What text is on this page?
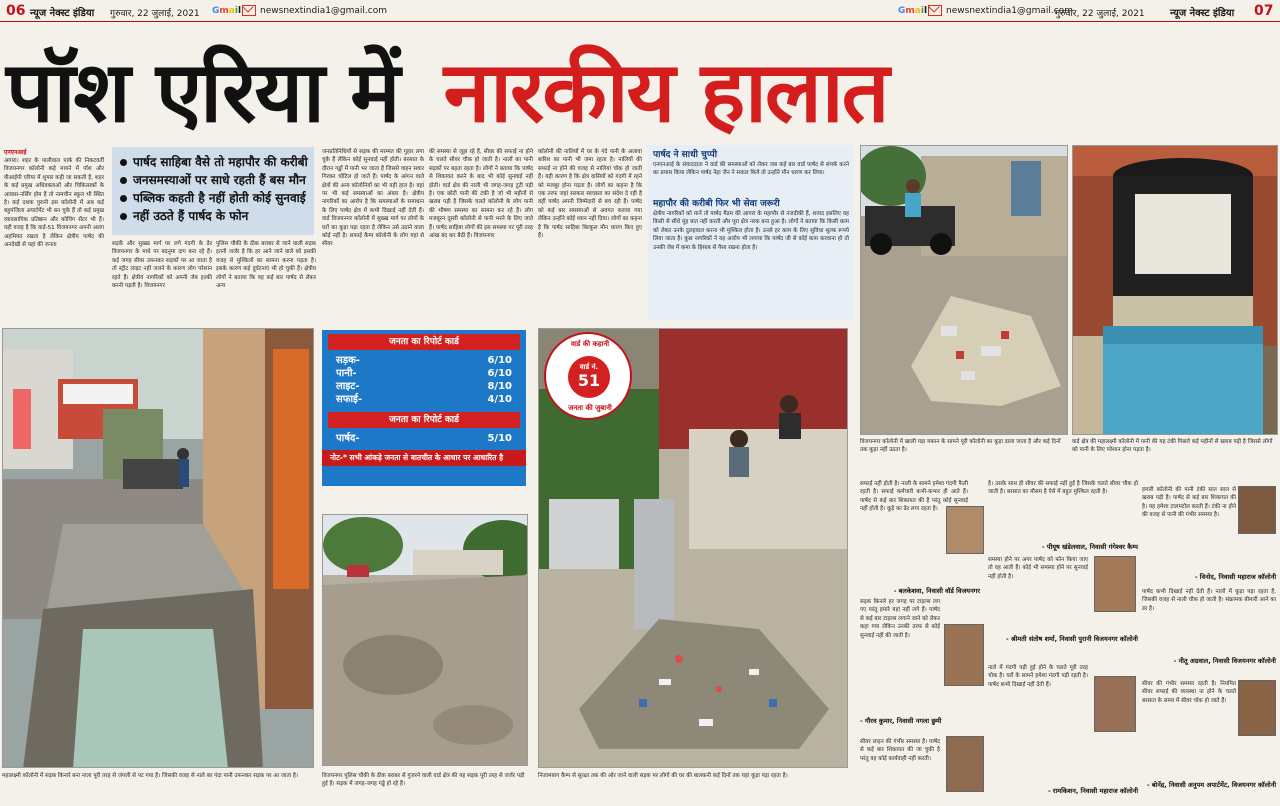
06 न्यूज नेक्स्ट इंडिया गुरुवार, 22 जुलाई, 2021 Gmail newsnextindia1@gmail.com	Gmail newsnextindia1@gmail.com
गुरुवार, 22 जुलाई, 2021	न्यूज नेक्स्ट इंडिया 07
पॉश एरिया में नारकीय हालात
एनएनआई

आगरा। शहर के पालीवाल पार्क की निकटवर्ती विजयनगर कॉलोनी कहे मायने में पॉश और वीआईपी एरिया में शुमार कही जा सकती है, शहर के कई प्रमुख अधिवक्ताओं और चिकित्सकों के आवास-नर्सिंग होम हैं तो नामचीन स्कूल भी स्थित है। कई दशक पुरानी इस कॉलोनी में अब कई बहुमंजिला अपार्टमेंट भी बन चुके हैं तो कई प्रमुख व्यावसायिक प्रतिष्ठान और कोचिंग सेंटर भी हैं। यही वजह है कि वार्ड-51 विजयनगर अपनी अलग अहमियत रखता है लेकिन क्षेत्रीय पार्षद की अनदेखी से यहां की जनता

पार्षद साहिबा वैसे तो महापौर की करीबी
जनसमस्याओं पर साधे रहती हैं बस मौन
पब्लिक कहती है नहीं होती कोई सुनवाई
नहीं उठते हैं पार्षद के फोन

सड़कें और सुख्ख मार्ग पर लगे गंदगी के ढेर विजयनगर के माथे पर बदनुमा दाग बना रहे हैं। कई जगह सीवर उफनकर सड़कों पर आ जाता है तो स्ट्रीट लाइट नहीं जलने के कारण लोग परेशान रहते हैं। क्षेत्रीय नागरिकों को अपनी जेब हल्की करनी पड़ती है। विजयनगर

पुलिस चौकी के ठीक बराबर से जाने वाली सड़क इतनी जर्जर है कि हर आने जाने वाले को इसकी वजह से मुश्किलों का सामना करना पड़ता है। इसके कारण कई दुर्घटनाएं भी हो चुकी हैं। क्षेत्रीय लोगों ने बताया कि वह कई बार पार्षद से लेकर अन्य

जनप्रतिनिधियों से सड़क की मरम्मत की गुहार लगा चुके हैं लेकिन कोई सुनवाई नहीं होती। बरसात के दौरान गड्ढों में पानी भर जाता है जिससे वाहन सवार गिरकर चोटिल हो जाते हैं। पार्षद के आंगन वाले क्षेत्रों की अन्य कॉलोनियों का भी यही हाल है। वहां पर भी कई समस्याओं का अंबार है। क्षेत्रीय नागरिकों का आरोप है कि समस्याओं के समाधान के लिए पार्षद क्षेत्र में कभी दिखाई नहीं देतीं हैं। वार्ड विजयनगर कॉलोनी में सुख्ख मार्ग पर लोगों के घरों का कूड़ा पड़ा रहता है लेकिन उसे उठाने वाला कोई नहीं है। सफाई कैम्प कॉलोनी के लोग यहां से सीवर

की समस्या से जूझ रहे हैं, सीवर की सफाई ना होने के चलते सीवर चौक हो जाती है। नालों का पानी सड़कों पर बहता रहता है। लोगों ने बताया कि पार्षद से शिकायत करने के बाद भी कोई सुनवाई नहीं होती। वार्ड क्षेत्र की नाली भी जगह-जगह टूटी पड़ी है। एक छोटी पानी की टंकी है जो भी महीनों से खराब पड़ी है जिसके चलते कॉलोनी के लोग पानी की भीषण समस्या का सामना कर रहे हैं। लोग मजबूरन दूसरी कॉलोनी से पानी भरने के लिए जाते हैं। पार्षद साहिबा लोगों की इस समस्या पर पूरी तरह आंख बंद कर बैठी हैं। विजयनगर

कॉलोनी की नालियों में घर के गंदे पानी के अलावा बारिश का पानी भी जमा रहता है। नालियों की सफाई ना होने की वजह से नालियां चोक हो जाती हैं। यही कारण है कि क्षेत्र वासियों को गंदगी में रहने को मजबूर होना पड़ता है। लोगों का कहना है कि एक तरफ जहां सरकार स्वच्छता का संदेश दे रही है वहीं पार्षद अपनी जिम्मेदारी से बच रही हैं। पार्षद को कई बार समस्याओं से अवगत कराया गया लेकिन उन्होंने कोई ध्यान नहीं दिया। लोगों का कहना है कि पार्षद साहिबा बिल्कुल मौन धारण किए हुए हैं।

पार्षद ने साधी चुप्पी
एनएनआई के संवाददाता ने वार्ड की समस्याओं को लेकर जब कई बार वार्ड पार्षद से संपर्क करने का प्रयास किया लेकिन पार्षद नेहा जैन ने सवाल किये तो उन्होंने मौन धारण कर लिया।
महापौर की करीबी फिर भी सेवा जरूरी
क्षेत्रीय नागरिकों को मानें तो पार्षद मैडम की आगरा के महापौर से नजदीकी हैं, शायद इसलिए वह किसी से सीधे मुंह बात नहीं करती और पूरा क्षेत्र नरक बना हुआ है। लोगों ने बताया कि किसी काम को लेकर उनके दुलहवाल करना भी मुश्किल होता है। उनसे हर काम के लिए सुविधा शुल्क रूपये लिया जाता है। कुछ नागरिकों ने यह आरोप भी लगाया कि पार्षद जी से कोई काम करवाना हो तो उनकी जेब में कमा के हिसाब से पैसा रखना होता है।
महालक्ष्मी कॉलोनी में सड़क किनारे बना नाला पूरी तरह से जंगली से पट गया है। जिसकी वजह से नाले का गंदा पानी उफनकर सड़क पर आ जाता है।
जनता का रिपोर्ट कार्ड
सड़क-	6/10
पानी-	6/10
लाइट-	8/10
सफाई-	4/10
जनता का रिपोर्ट कार्ड
पार्षद-	5/10
नोट-* सभी आंकड़े जनता से बातचीत के आधार पर आधारित है
विजयनगर पुलिस चौकी के ठीक बराबर से गुजरने वाली वार्ड क्षेत्र की यह सड़क पूरी तरह से जर्जर पड़ी हुई है। सड़क में जगह-जगह गड्ढे हो रहे हैं।
निजामबाग कैम्प से सुरक्षा तक की ओर जाने वाली सड़क पर लोगों की घर की बालकनी कई दिनों तक यहां कूड़ा पड़ा रहता है।
वार्ड की कहानी
वार्ड नं.
51
जनता की जुबानी
विजयनगर कॉलोनी में खाली पड़ा मकान के सामने पूरी कॉलोनी का कूड़ा डाला जाता है और कई दिनों तक कूड़ा नहीं उठता है।
वार्ड क्षेत्र की महालक्ष्मी कॉलोनी में पानी की यह टंकी पिछले कई महीनों से खराब पड़ी है जिससे लोगों को पानी के लिए परेशान होना पड़ता है।
सफाई नहीं होती है। नाली के सामने हमेशा गंदगी फैली रहती है। सफाई कर्मचारी कभी-कभार ही आते हैं। पार्षद से कई बार शिकायत की है परंतु कोई सुनवाई नहीं होती है। कूड़े का ढेर लगा रहता है।
- बलकेशवा, निवासी वॉर्ड विजयनगर
सड़क किनारे हर जगह पर टाइल्स लग गए परंतु हमारे यहां नहीं लगे हैं। पार्षद से कई बार टाइल्स लगाने जाने को लेकर कहा गया लेकिन उनकी तरफ से कोई सुनवाई नहीं की जाती है।
- गौरव कुमार, निवासी नगला छुमी
सीवर लाइन की गंभीर समस्या है। पार्षद से कई बार शिकायत की जा चुकी है परंतु वह कोई कार्यवाही नहीं करती।
है। उसके साथ ही सीवर की सफाई नहीं हुई है जिसके चलते सीवर चौक हो जाती है। बरसात का मौसम है ऐसे में बहुत मुश्किल रहती है।
- पीयूष खंडेलवाल, निवासी गंगेश्वर कैम्प
समस्या होने पर अगर पार्षद को फोन किया जाए तो वह आती हैं। कोई भी समस्या होने पर सुनवाई नहीं होती है।
- श्रीमती संतोष शर्मा, निवासी पुरानी विजयनगर कॉलोनी
नाले में गंदगी पड़ी हुई होने के चलते पूरी तरह चोक है। घरों के सामने हमेशा गंदगी पड़ी रहती है। पार्षद कभी दिखाई नहीं देती हैं।
- रामकिशन, निवासी महाराज कॉलोनी
हमारी कॉलोनी की पानी टंकी सात साल से खराब पड़ी है। पार्षद से कई बार शिकायत की है। यह हमेशा टालमटोल करती हैं। टंकी ना होने की वजह से पानी की गंभीर समस्या है।
- विनोद, निवासी महाराज कॉलोनी
पार्षद कभी दिखाई नहीं देती हैं। नालों में कूड़ा पड़ा रहता है, जिसकी वजह से नाली चौक हो जाती है। संक्रामक बीमारी आने का डर है।
- नीतू अग्रवाल, निवासी विजयनगर कॉलोनी
सीवर की गंभीर समस्या रहती है। नियमित सीवर सफाई की व्यवस्था ना होने के चलते बरसात के समय में सीवर चोक हो जाते हैं।
- बोनेंद्र, निवासी अनुपम अपार्टमेंट, विजयनगर कॉलोनी
